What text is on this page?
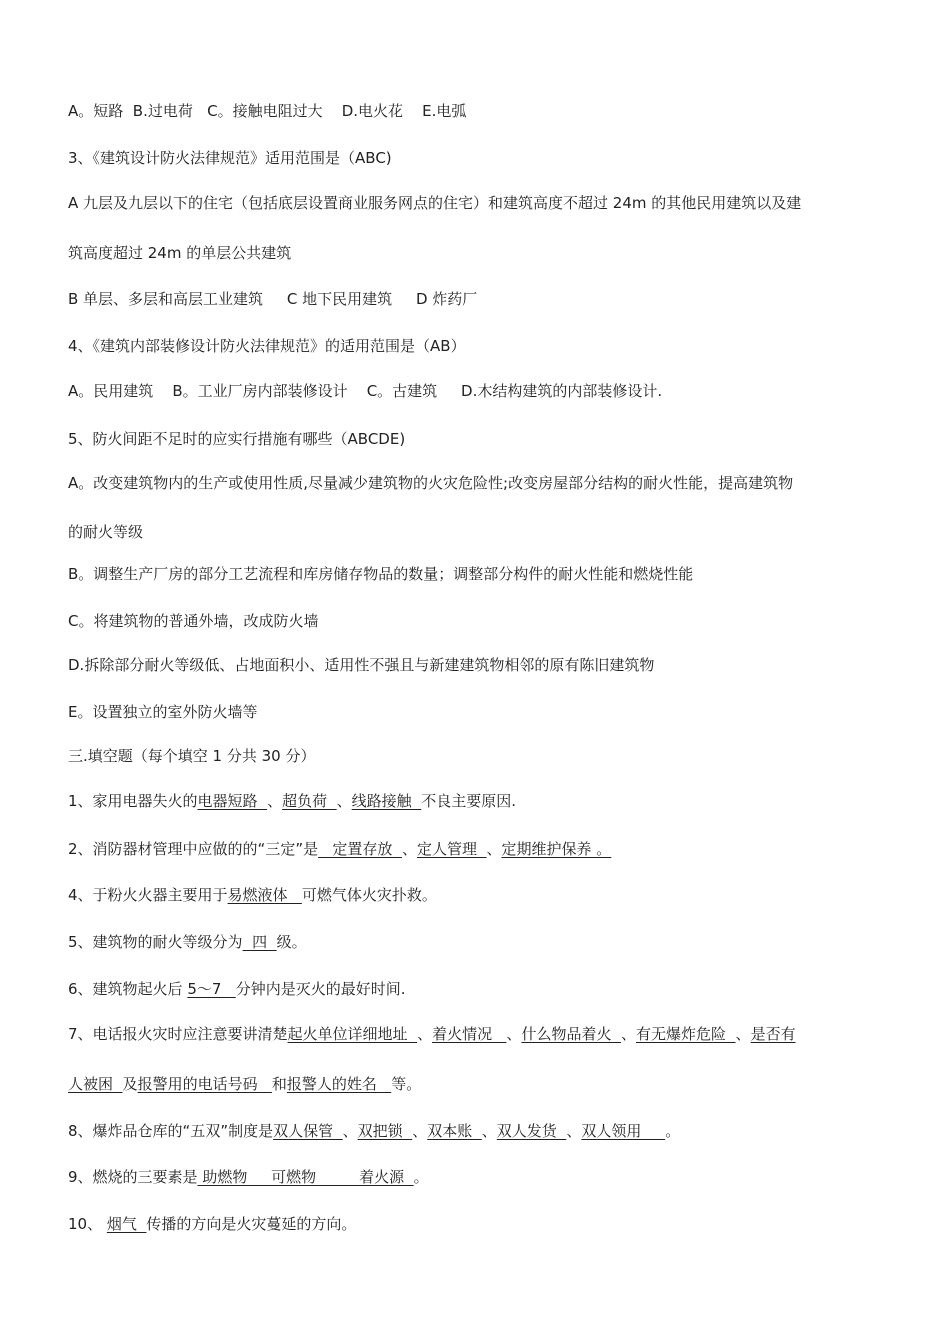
A。短路  B.过电荷   C。接触电阻过大    D.电火花    E.电弧
3、《建筑设计防火法律规范》适用范围是（ABC)
A 九层及九层以下的住宅（包括底层设置商业服务网点的住宅）和建筑高度不超过 24m 的其他民用建筑以及建
筑高度超过 24m 的单层公共建筑
B 单层、多层和高层工业建筑     C 地下民用建筑     D 炸药厂
4、《建筑内部装修设计防火法律规范》的适用范围是（AB）
A。民用建筑    B。工业厂房内部装修设计    C。古建筑     D.木结构建筑的内部装修设计.
5、防火间距不足时的应实行措施有哪些（ABCDE)
A。改变建筑物内的生产或使用性质,尽量减少建筑物的火灾危险性;改变房屋部分结构的耐火性能，提高建筑物
的耐火等级
B。调整生产厂房的部分工艺流程和库房储存物品的数量；调整部分构件的耐火性能和燃烧性能
C。将建筑物的普通外墙，改成防火墙
D.拆除部分耐火等级低、占地面积小、适用性不强且与新建建筑物相邻的原有陈旧建筑物
E。设置独立的室外防火墙等
三.填空题（每个填空 1 分共 30 分）
1、家用电器失火的电器短路  、超负荷  、线路接触  不良主要原因.
2、消防器材管理中应做的的“三定”是   定置存放  、定人管理  、定期维护保养 。
4、于粉火火器主要用于易燃液体   可燃气体火灾扑救。
5、建筑物的耐火等级分为  四  级。
6、建筑物起火后 5～7   分钟内是灭火的最好时间.
7、电话报火灾时应注意要讲清楚起火单位详细地址  、着火情况   、什么物品着火  、有无爆炸危险  、是否有
人被困  及报警用的电话号码   和报警人的姓名   等。
8、爆炸品仓库的“五双”制度是双人保管  、双把锁  、双本账  、双人发货  、双人领用     。
9、燃烧的三要素是 助燃物     可燃物         着火源  。
10、 烟气  传播的方向是火灾蔓延的方向。
